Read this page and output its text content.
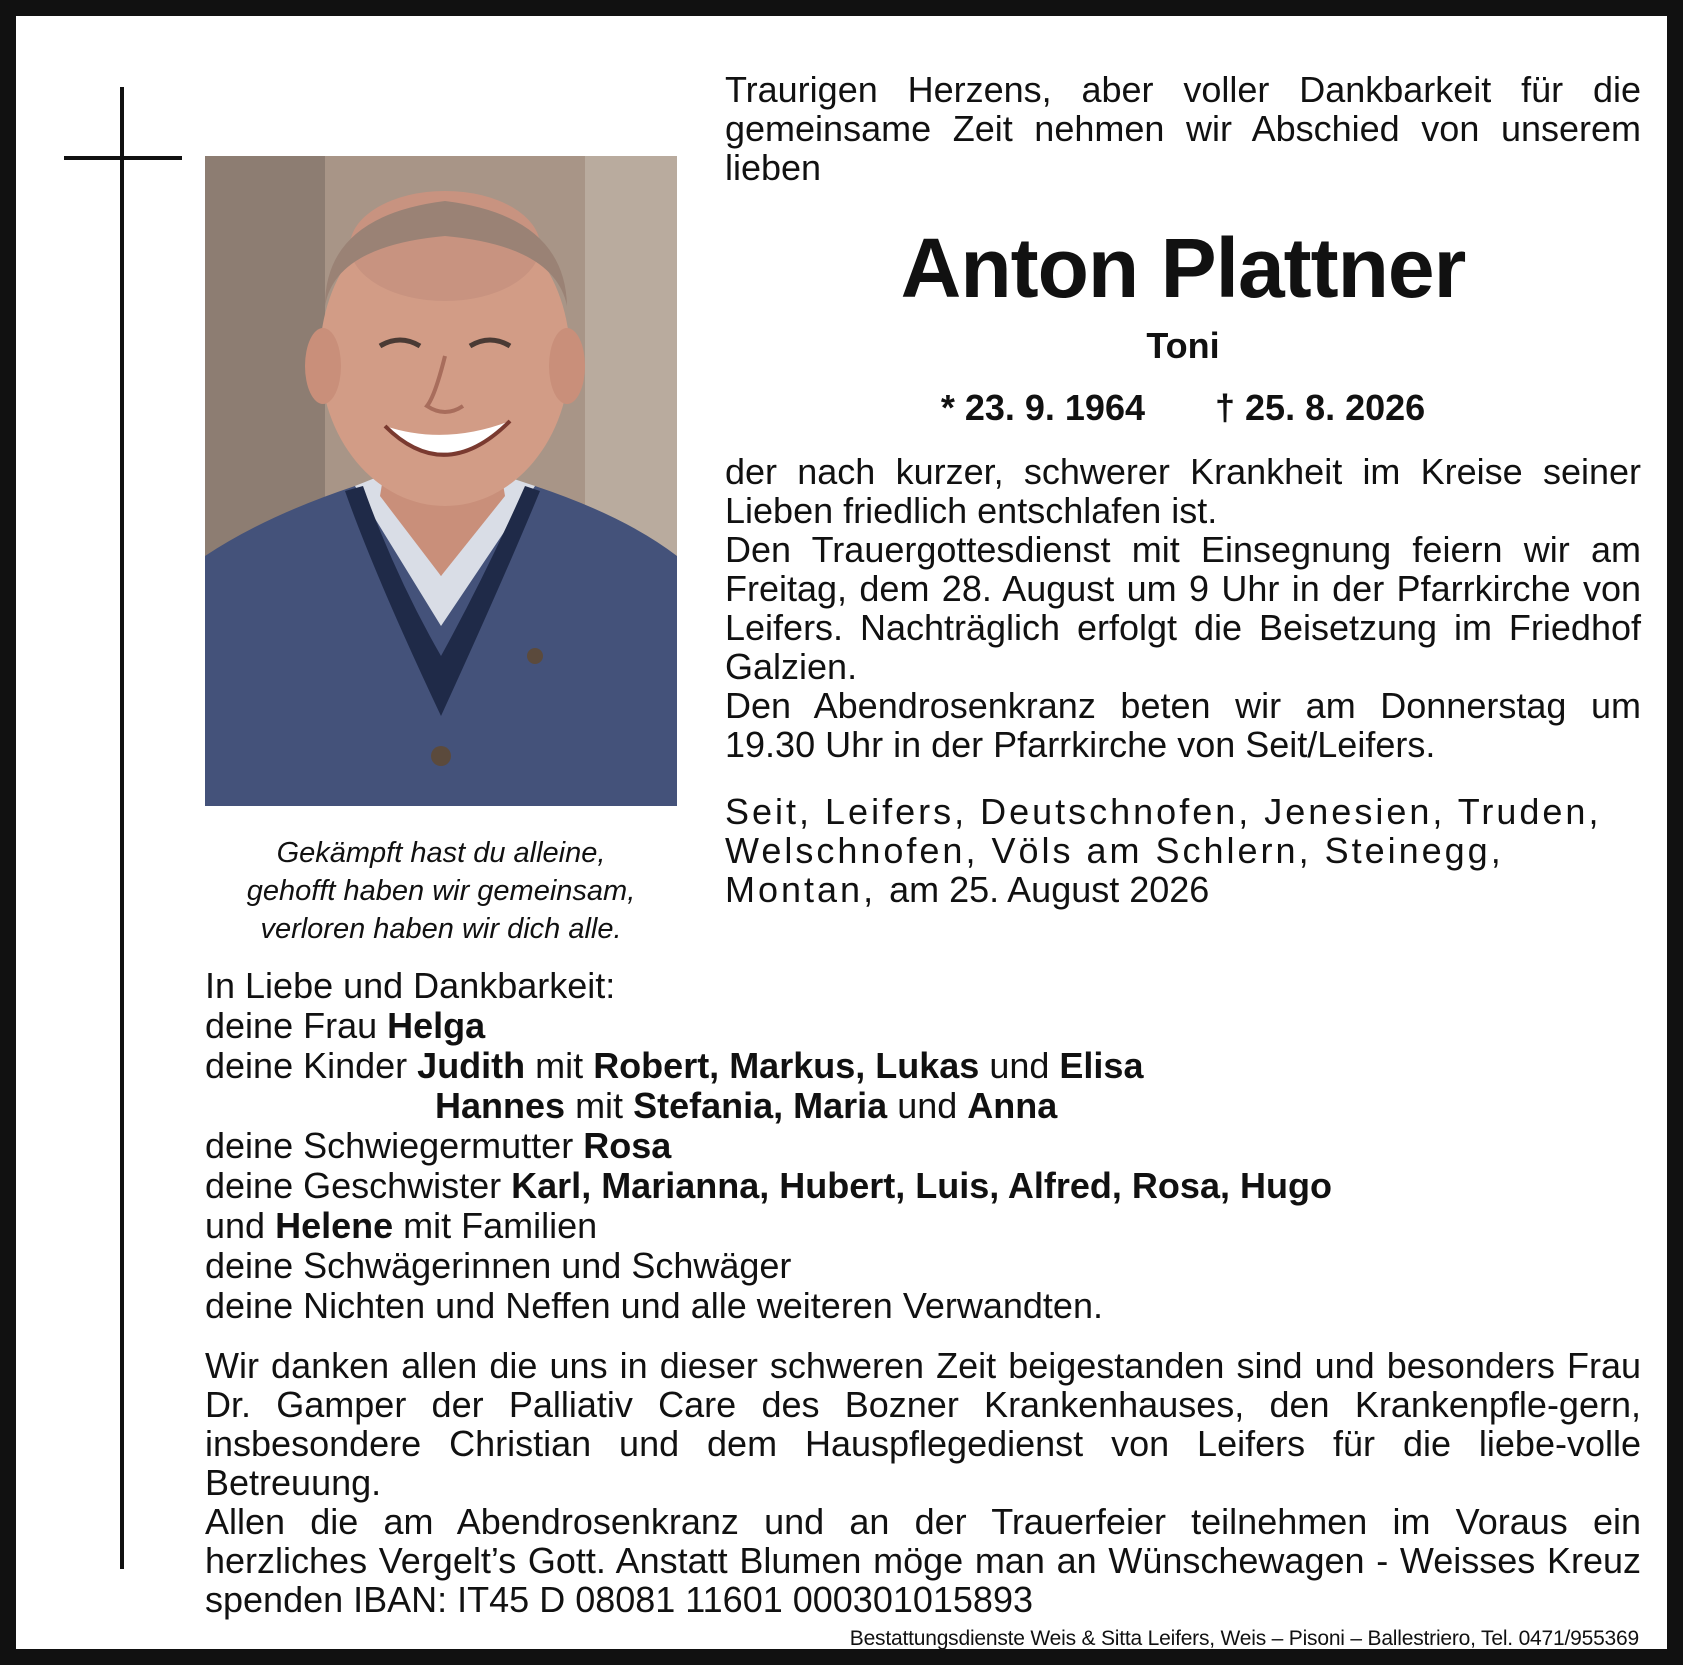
Gekämpft hast du alleine,
gehofft haben wir gemeinsam,
verloren haben wir dich alle.
Traurigen Herzens, aber voller Dankbarkeit für die gemeinsame Zeit nehmen wir Abschied von unserem lieben
Anton Plattner
Toni
* 23. 9. 1964 † 25. 8. 2026

der nach kurzer, schwerer Krankheit im Kreise seiner Lieben friedlich entschlafen ist.

Den Trauergottesdienst mit Einsegnung feiern wir am Freitag, dem 28. August um 9 Uhr in der Pfarrkirche von Leifers. Nachträglich erfolgt die Beisetzung im Friedhof Galzien.

Den Abendrosenkranz beten wir am Donnerstag um 19.30 Uhr in der Pfarrkirche von Seit/Leifers.

Seit, Leifers, Deutschnofen, Jenesien, Truden, Welschnofen, Völs am Schlern, Steinegg, Montan, am 25. August 2026
In Liebe und Dankbarkeit:
deine Frau Helga
deine Kinder Judith mit Robert, Markus, Lukas und Elisa
Hannes mit Stefania, Maria und Anna
deine Schwiegermutter Rosa
deine Geschwister Karl, Marianna, Hubert, Luis, Alfred, Rosa, Hugo
und Helene mit Familien
deine Schwägerinnen und Schwäger
deine Nichten und Neffen und alle weiteren Verwandten.

Wir danken allen die uns in dieser schweren Zeit beigestanden sind und besonders Frau Dr. Gamper der Palliativ Care des Bozner Krankenhauses, den Krankenpfle-gern, insbesondere Christian und dem Hauspflegedienst von Leifers für die liebe-volle Betreuung.

Allen die am Abendrosenkranz und an der Trauerfeier teilnehmen im Voraus ein herzliches Vergelt’s Gott. Anstatt Blumen möge man an Wünschewagen - Weisses Kreuz spenden IBAN: IT45 D 08081 11601 000301015893

Bestattungsdienste Weis & Sitta Leifers, Weis – Pisoni – Ballestriero, Tel. 0471/955369
